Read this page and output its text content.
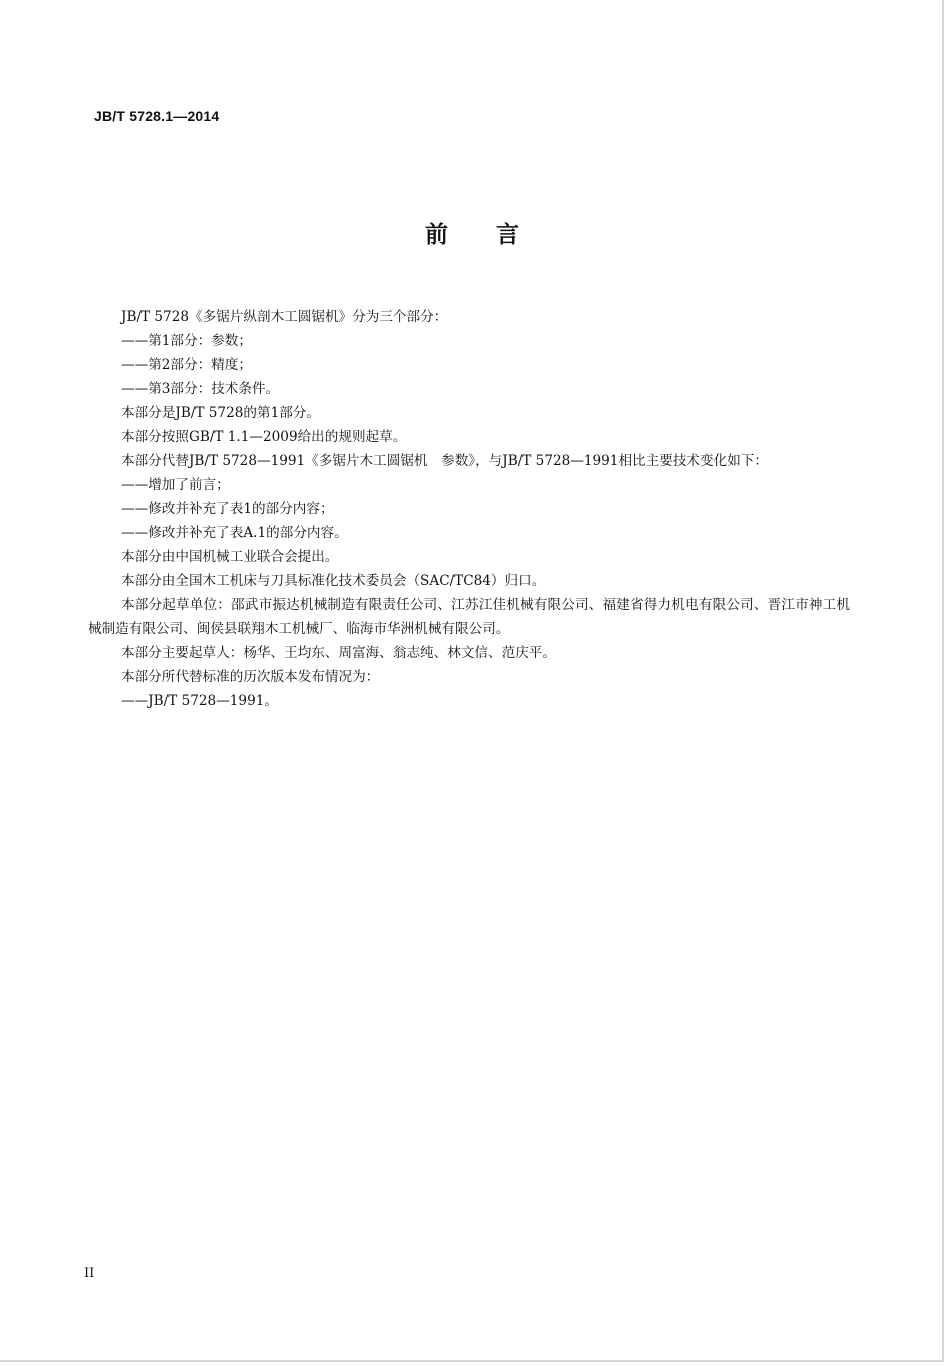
JB/T 5728.1—2014
前 言

JB/T 5728《多锯片纵剖木工圆锯机》分为三个部分：

——第1部分：参数；

——第2部分：精度；

——第3部分：技术条件。

本部分是JB/T 5728的第1部分。

本部分按照GB/T 1.1—2009给出的规则起草。

本部分代替JB/T 5728—1991《多锯片木工圆锯机　参数》，与JB/T 5728—1991相比主要技术变化如下：

——增加了前言；

——修改并补充了表1的部分内容；

——修改并补充了表A.1的部分内容。

本部分由中国机械工业联合会提出。

本部分由全国木工机床与刀具标准化技术委员会（SAC/TC84）归口。

本部分起草单位：邵武市振达机械制造有限责任公司、江苏江佳机械有限公司、福建省得力机电有限公司、晋江市神工机械制造有限公司、闽侯县联翔木工机械厂、临海市华洲机械有限公司。

本部分主要起草人：杨华、王均东、周富海、翁志纯、林文信、范庆平。

本部分所代替标准的历次版本发布情况为：

——JB/T 5728—1991。

II
